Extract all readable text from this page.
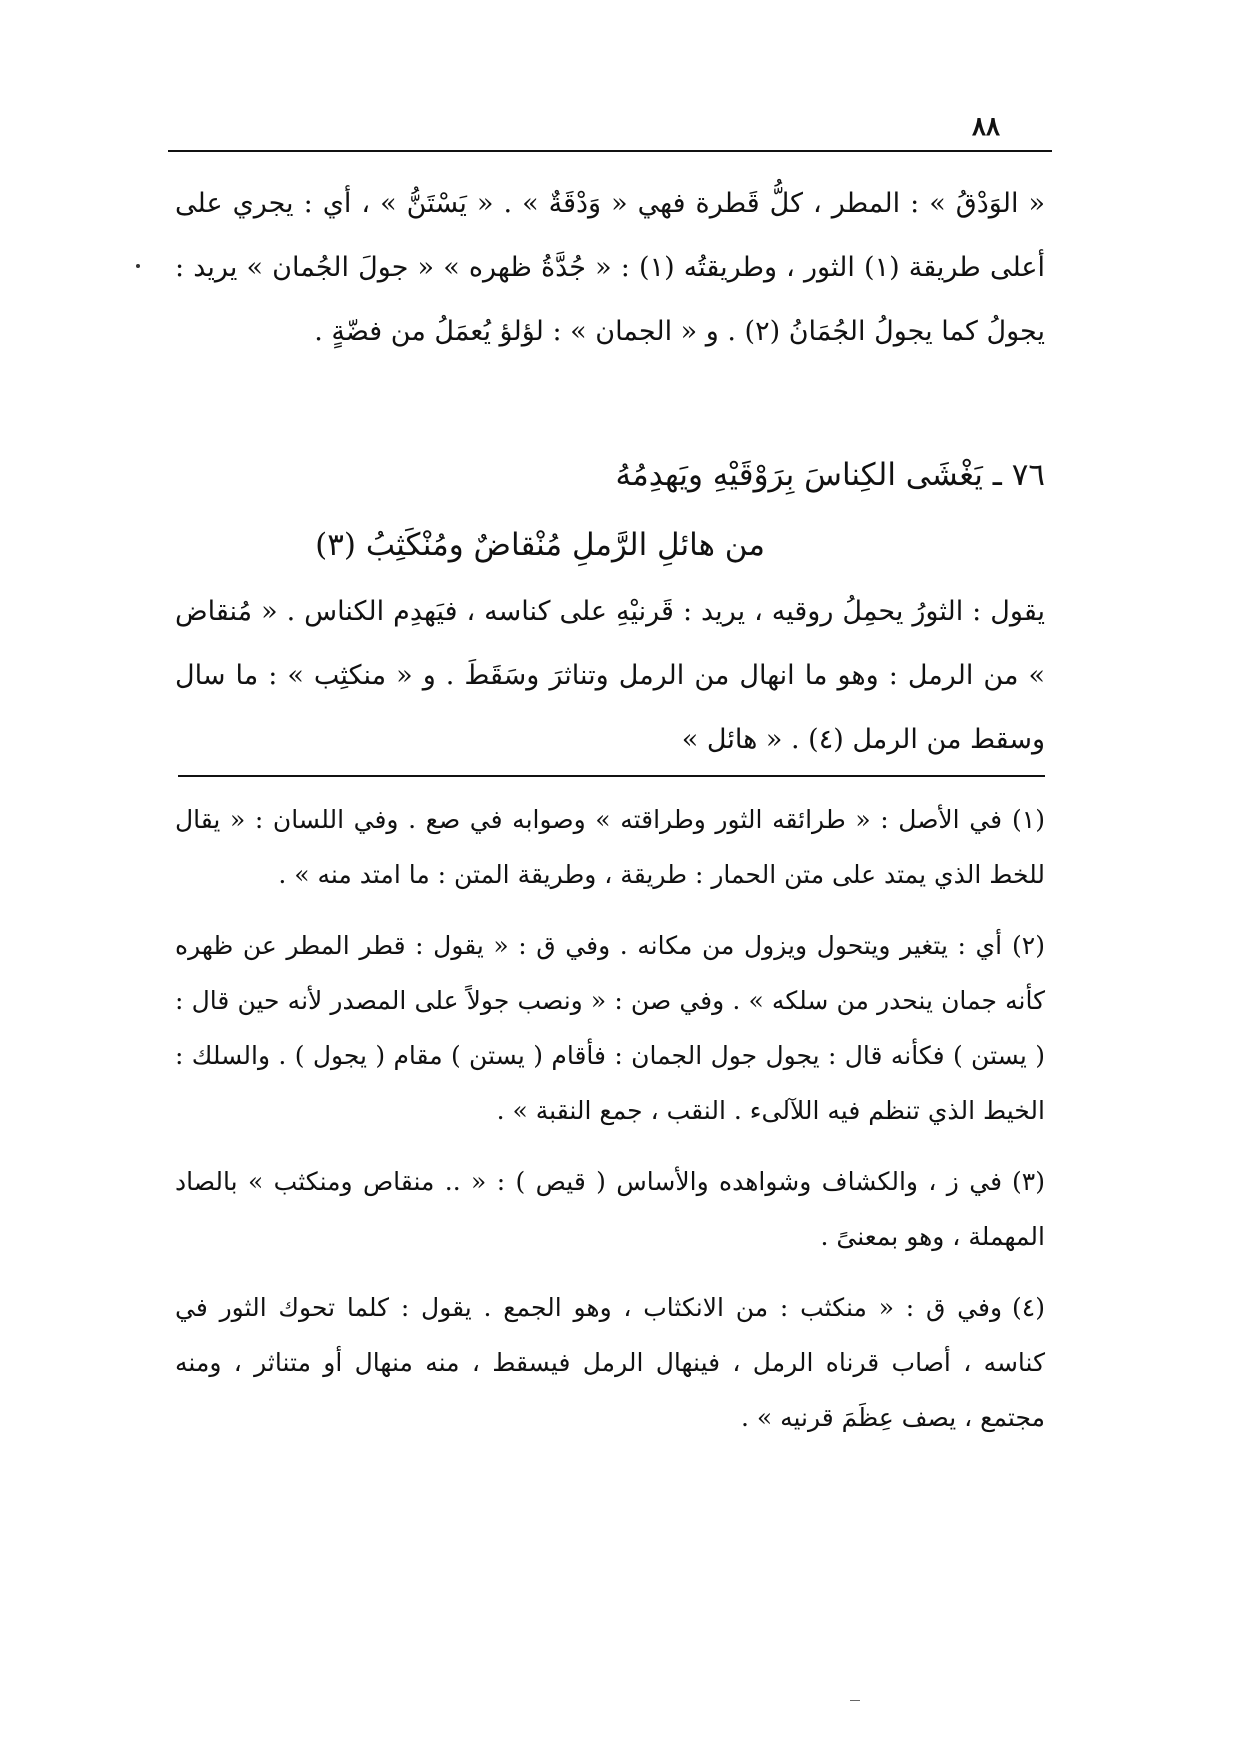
٨٨

« الوَدْقُ » : المطر ، كلُّ قَطرة فهي « وَدْقَةٌ » . « يَسْتَنُّ » ، أي : يجري على أعلى طريقة (١) الثور ، وطريقتُه (١) : « جُدَّةُ ظهره » « جولَ الجُمان » يريد : يجولُ كما يجولُ الجُمَانُ (٢) . و « الجمان » : لؤلؤ يُعمَلُ من فضّةٍ .

٧٦ ـ يَغْشَى الكِناسَ بِرَوْقَيْهِ ويَهدِمُهُ
من هائلِ الرَّملِ مُنْقاضٌ ومُنْكَثِبُ (٣)

يقول : الثورُ يحمِلُ روقيه ، يريد : قَرنيْهِ على كناسه ، فيَهدِم الكناس . « مُنقاض » من الرمل : وهو ما انهال من الرمل وتناثرَ وسَقَطَ . و « منكثِب » : ما سال وسقط من الرمل (٤) . « هائل »

(١)في الأصل : « طرائقه الثور وطراقته » وصوابه في صع . وفي اللسان : « يقال للخط الذي يمتد على متن الحمار : طريقة ، وطريقة المتن : ما امتد منه » .

(٢)أي : يتغير ويتحول ويزول من مكانه . وفي ق : « يقول : قطر المطر عن ظهره كأنه جمان ينحدر من سلكه » . وفي صن : « ونصب جولاً على المصدر لأنه حين قال : ( يستن ) فكأنه قال : يجول جول الجمان : فأقام ( يستن ) مقام ( يجول ) . والسلك : الخيط الذي تنظم فيه اللآلىء . النقب ، جمع النقبة » .

(٣)في ز ، والكشاف وشواهده والأساس ( قيص ) : « .. منقاص ومنكثب » بالصاد المهملة ، وهو بمعنىً .

(٤)وفي ق : « منكثب : من الانكثاب ، وهو الجمع . يقول : كلما تحوك الثور في كناسه ، أصاب قرناه الرمل ، فينهال الرمل فيسقط ، منه منهال أو متناثر ، ومنه مجتمع ، يصف عِظَمَ قرنيه » .
